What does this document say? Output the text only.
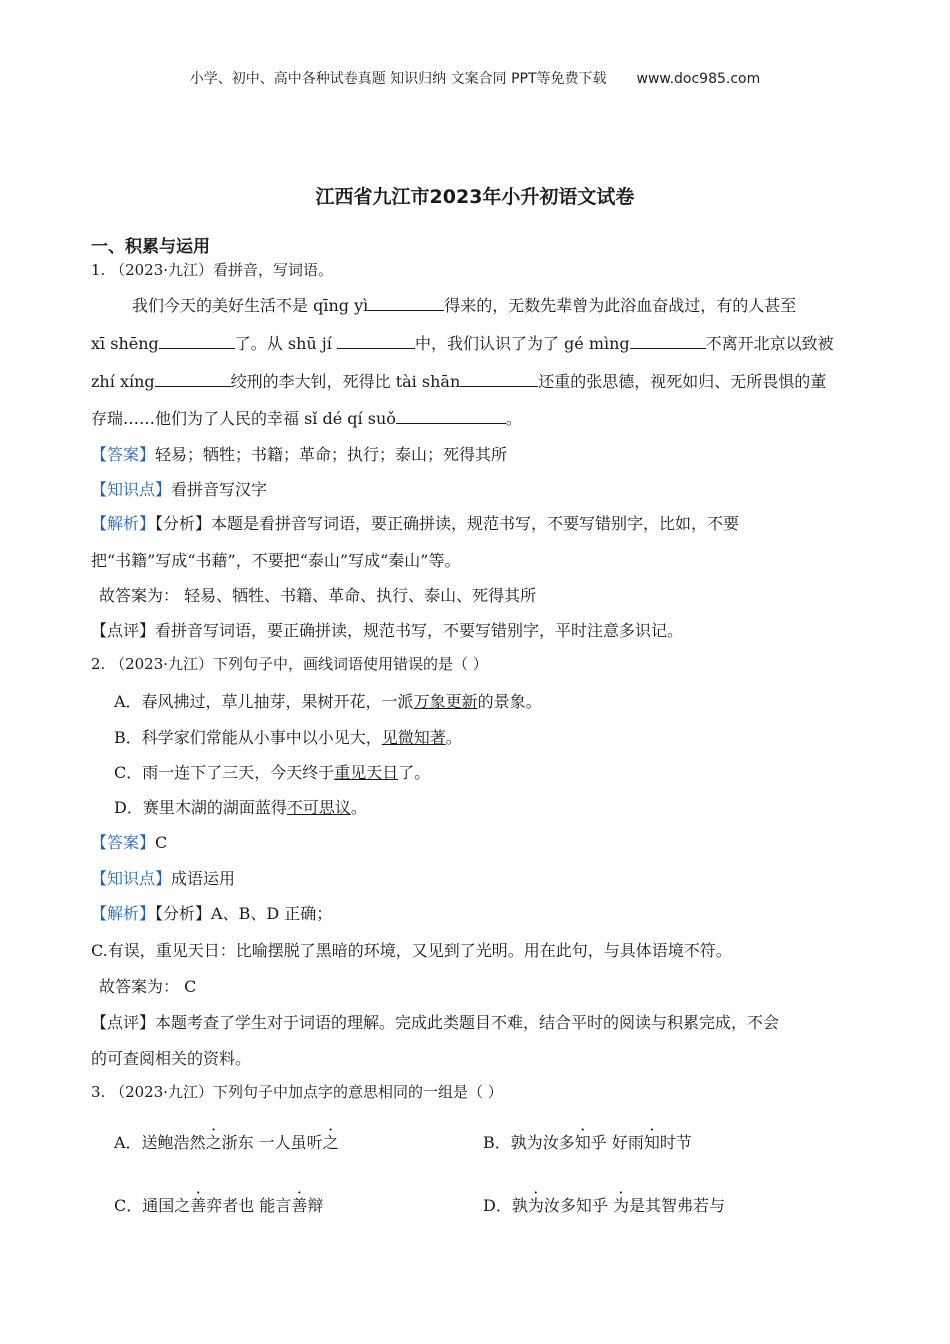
小学、初中、高中各种试卷真题 知识归纳 文案合同 PPT等免费下载 www.doc985.com
江西省九江市2023年小升初语文试卷
一、积累与运用
1. （2023·九江）看拼音，写词语。
我们今天的美好生活不是 qīng yì	得来的，无数先辈曾为此浴血奋战过，有的人甚至
xī shēng	了。从 shū jí	中，我们认识了为了 gé mìng	不离开北京以致被
zhí xíng	绞刑的李大钊，死得比 tài shān	还重的张思德，视死如归、无所畏惧的董
存瑞……他们为了人民的幸福 sǐ dé qí suǒ	。
【答案】轻易；牺牲；书籍；革命；执行；泰山；死得其所
【知识点】看拼音写汉字
【解析】【分析】本题是看拼音写词语，要正确拼读，规范书写，不要写错别字，比如，不要
把“书籍”写成“书藉”，不要把“泰山”写成“秦山”等。
故答案为： 轻易、牺牲、书籍、革命、执行、泰山、死得其所
【点评】看拼音写词语，要正确拼读，规范书写，不要写错别字，平时注意多识记。
2. （2023·九江）下列句子中，画线词语使用错误的是（ ）
A．春风拂过，草儿抽芽，果树开花，一派万象更新的景象。
B．科学家们常能从小事中以小见大，见微知著。
C．雨一连下了三天，今天终于重见天日了。
D．赛里木湖的湖面蓝得不可思议。
【答案】C
【知识点】成语运用
【解析】【分析】A、B、D 正确；
C.有误，重见天日：比喻摆脱了黑暗的环境，又见到了光明。用在此句，与具体语境不符。
故答案为： C
【点评】本题考查了学生对于词语的理解。完成此类题目不难，结合平时的阅读与积累完成，不会
的可查阅相关的资料。
3. （2023·九江）下列句子中加点字的意思相同的一组是（ ）
A．送鲍浩然之浙东 一人虽听之	B．孰为汝多知乎 好雨知时节
C．通国之善弈者也 能言善辩	D．孰为汝多知乎 为是其智弗若与
